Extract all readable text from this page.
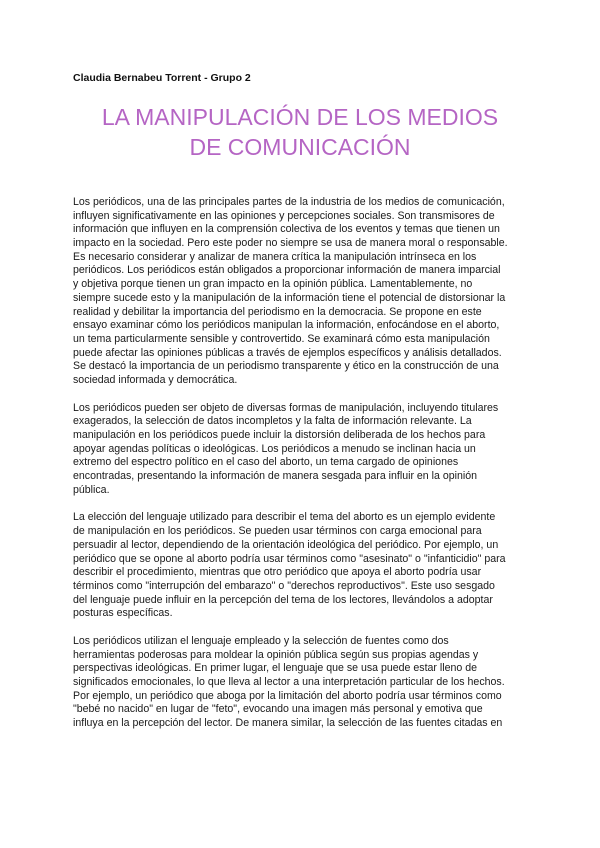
Claudia Bernabeu Torrent - Grupo 2
LA MANIPULACIÓN DE LOS MEDIOS
DE COMUNICACIÓN

Los periódicos, una de las principales partes de la industria de los medios de comunicación,
influyen significativamente en las opiniones y percepciones sociales. Son transmisores de
información que influyen en la comprensión colectiva de los eventos y temas que tienen un
impacto en la sociedad. Pero este poder no siempre se usa de manera moral o responsable.
Es necesario considerar y analizar de manera crítica la manipulación intrínseca en los
periódicos. Los periódicos están obligados a proporcionar información de manera imparcial
y objetiva porque tienen un gran impacto en la opinión pública. Lamentablemente, no
siempre sucede esto y la manipulación de la información tiene el potencial de distorsionar la
realidad y debilitar la importancia del periodismo en la democracia. Se propone en este
ensayo examinar cómo los periódicos manipulan la información, enfocándose en el aborto,
un tema particularmente sensible y controvertido. Se examinará cómo esta manipulación
puede afectar las opiniones públicas a través de ejemplos específicos y análisis detallados.
Se destacó la importancia de un periodismo transparente y ético en la construcción de una
sociedad informada y democrática.

Los periódicos pueden ser objeto de diversas formas de manipulación, incluyendo titulares
exagerados, la selección de datos incompletos y la falta de información relevante. La
manipulación en los periódicos puede incluir la distorsión deliberada de los hechos para
apoyar agendas políticas o ideológicas. Los periódicos a menudo se inclinan hacia un
extremo del espectro político en el caso del aborto, un tema cargado de opiniones
encontradas, presentando la información de manera sesgada para influir en la opinión
pública.

La elección del lenguaje utilizado para describir el tema del aborto es un ejemplo evidente
de manipulación en los periódicos. Se pueden usar términos con carga emocional para
persuadir al lector, dependiendo de la orientación ideológica del periódico. Por ejemplo, un
periódico que se opone al aborto podría usar términos como "asesinato" o "infanticidio" para
describir el procedimiento, mientras que otro periódico que apoya el aborto podría usar
términos como "interrupción del embarazo" o "derechos reproductivos". Este uso sesgado
del lenguaje puede influir en la percepción del tema de los lectores, llevándolos a adoptar
posturas específicas.

Los periódicos utilizan el lenguaje empleado y la selección de fuentes como dos
herramientas poderosas para moldear la opinión pública según sus propias agendas y
perspectivas ideológicas. En primer lugar, el lenguaje que se usa puede estar lleno de
significados emocionales, lo que lleva al lector a una interpretación particular de los hechos.
Por ejemplo, un periódico que aboga por la limitación del aborto podría usar términos como
"bebé no nacido" en lugar de "feto", evocando una imagen más personal y emotiva que
influya en la percepción del lector. De manera similar, la selección de las fuentes citadas en
